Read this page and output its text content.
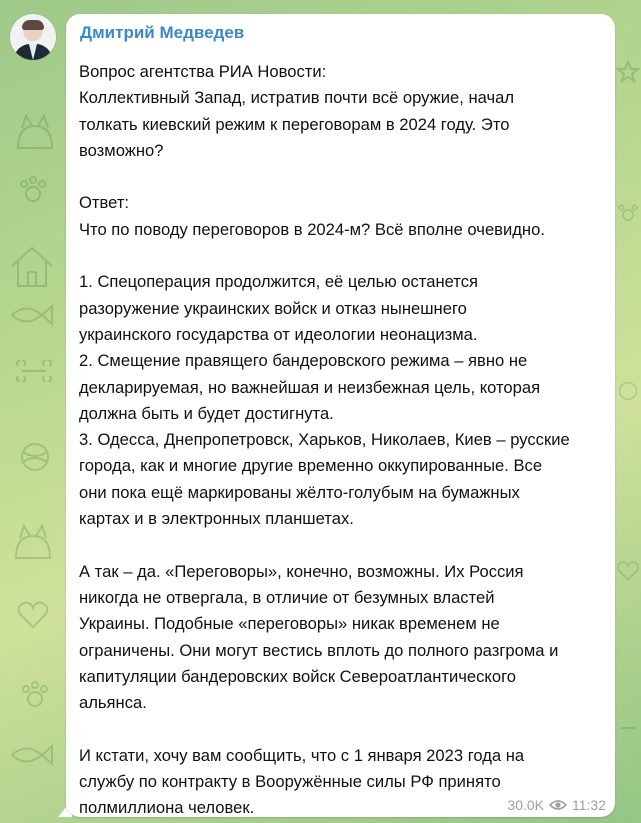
Дмитрий Медведев
Вопрос агентства РИА Новости:
Коллективный Запад, истратив почти всё оружие, начал
толкать киевский режим к переговорам в 2024 году. Это
возможно?
Ответ:
Что по поводу переговоров в 2024-м? Всё вполне очевидно.
1. Спецоперация продолжится, её целью останется
разоружение украинских войск и отказ нынешнего
украинского государства от идеологии неонацизма.
2. Смещение правящего бандеровского режима – явно не
декларируемая, но важнейшая и неизбежная цель, которая
должна быть и будет достигнута.
3. Одесса, Днепропетровск, Харьков, Николаев, Киев – русские
города, как и многие другие временно оккупированные. Все
они пока ещё маркированы жёлто-голубым на бумажных
картах и в электронных планшетах.
А так – да. «Переговоры», конечно, возможны. Их Россия
никогда не отвергала, в отличие от безумных властей
Украины. Подобные «переговоры» никак временем не
ограничены. Они могут вестись вплоть до полного разгрома и
капитуляции бандеровских войск Североатлантического
альянса.
И кстати, хочу вам сообщить, что с 1 января 2023 года на
службу по контракту в Вооружённые силы РФ принято
полмиллиона человек.	30.0K 11:32
